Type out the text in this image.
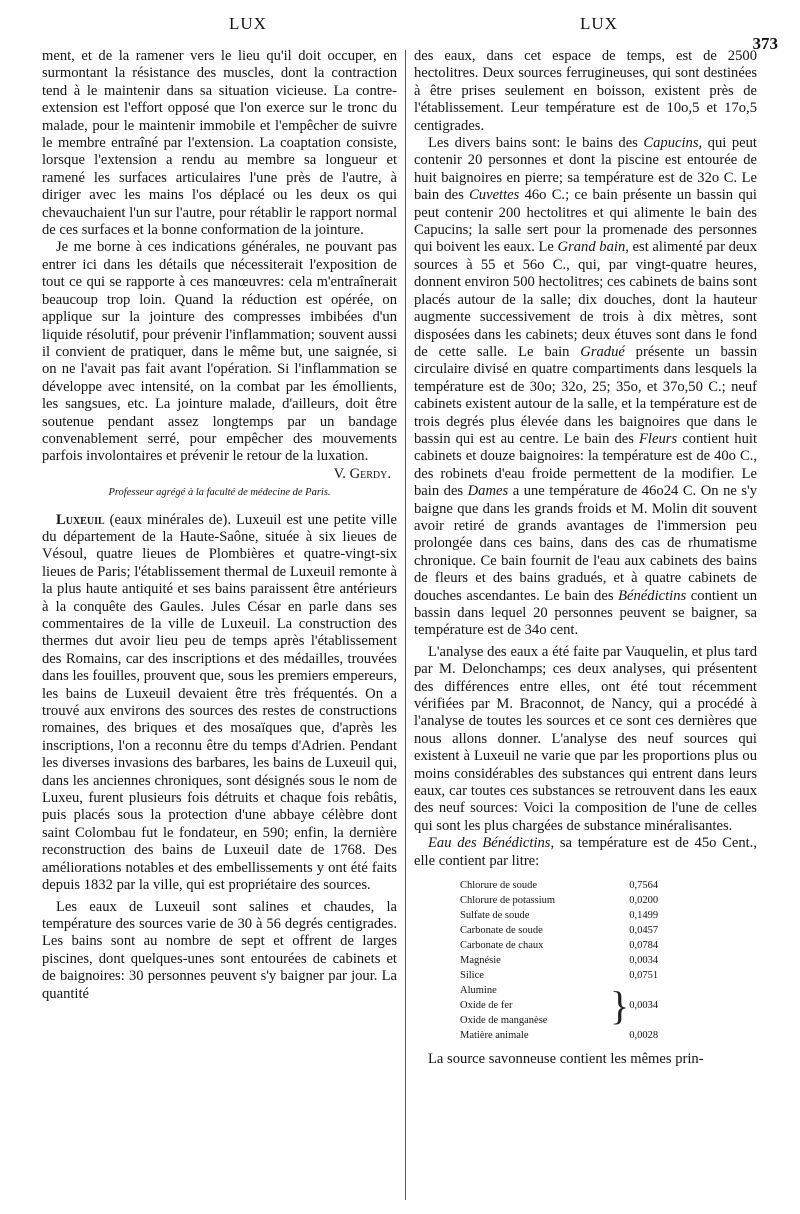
LUX	LUX
373

ment, et de la ramener vers le lieu qu'il doit occuper, en surmontant la résistance des muscles, dont la contraction tend à le maintenir dans sa situation vicieuse. La contre-extension est l'effort opposé que l'on exerce sur le tronc du malade, pour le maintenir immobile et l'empêcher de suivre le membre entraîné par l'extension. La coaptation consiste, lorsque l'extension a rendu au membre sa longueur et ramené les surfaces articulaires l'une près de l'autre, à diriger avec les mains l'os déplacé ou les deux os qui chevauchaient l'un sur l'autre, pour rétablir le rapport normal de ces surfaces et la bonne conformation de la jointure.

Je me borne à ces indications générales, ne pouvant pas entrer ici dans les détails que nécessiterait l'exposition de tout ce qui se rapporte à ces manœuvres: cela m'entraînerait beaucoup trop loin. Quand la réduction est opérée, on applique sur la jointure des compresses imbibées d'un liquide résolutif, pour prévenir l'inflammation; souvent aussi il convient de pratiquer, dans le même but, une saignée, si on ne l'avait pas fait avant l'opération. Si l'inflammation se développe avec intensité, on la combat par les émollients, les sangsues, etc. La jointure malade, d'ailleurs, doit être soutenue pendant assez longtemps par un bandage convenablement serré, pour empêcher des mouvements parfois involontaires et prévenir le retour de la luxation.

V. Gerdy.

Professeur agrégé à la faculté de médecine de Paris.

Luxeuil (eaux minérales de). Luxeuil est une petite ville du département de la Haute-Saône, située à six lieues de Vésoul, quatre lieues de Plombières et quatre-vingt-six lieues de Paris; l'établissement thermal de Luxeuil remonte à la plus haute antiquité et ses bains paraissent être antérieurs à la conquête des Gaules. Jules César en parle dans ses commentaires de la ville de Luxeuil. La construction des thermes dut avoir lieu peu de temps après l'établissement des Romains, car des inscriptions et des médailles, trouvées dans les fouilles, prouvent que, sous les premiers empereurs, les bains de Luxeuil devaient être très fréquentés. On a trouvé aux environs des sources des restes de constructions romaines, des briques et des mosaïques que, d'après les inscriptions, l'on a reconnu être du temps d'Adrien. Pendant les diverses invasions des barbares, les bains de Luxeuil qui, dans les anciennes chroniques, sont désignés sous le nom de Luxeu, furent plusieurs fois détruits et chaque fois rebâtis, puis placés sous la protection d'une abbaye célèbre dont saint Colombau fut le fondateur, en 590; enfin, la dernière reconstruction des bains de Luxeuil date de 1768. Des améliorations notables et des embellissements y ont été faits depuis 1832 par la ville, qui est propriétaire des sources.

Les eaux de Luxeuil sont salines et chaudes, la température des sources varie de 30 à 56 degrés centigrades. Les bains sont au nombre de sept et offrent de larges piscines, dont quelques-unes sont entourées de cabinets et de baignoires: 30 personnes peuvent s'y baigner par jour. La quantité

des eaux, dans cet espace de temps, est de 2500 hectolitres. Deux sources ferrugineuses, qui sont destinées à être prises seulement en boisson, existent près de l'établissement. Leur température est de 10o,5 et 17o,5 centigrades.

Les divers bains sont: le bains des Capucins, qui peut contenir 20 personnes et dont la piscine est entourée de huit baignoires en pierre; sa température est de 32o C. Le bain des Cuvettes 46o C.; ce bain présente un bassin qui peut contenir 200 hectolitres et qui alimente le bain des Capucins; la salle sert pour la promenade des personnes qui boivent les eaux. Le Grand bain, est alimenté par deux sources à 55 et 56o C., qui, par vingt-quatre heures, donnent environ 500 hectolitres; ces cabinets de bains sont placés autour de la salle; dix douches, dont la hauteur augmente successivement de trois à dix mètres, sont disposées dans les cabinets; deux étuves sont dans le fond de cette salle. Le bain Gradué présente un bassin circulaire divisé en quatre compartiments dans lesquels la température est de 30o; 32o, 25; 35o, et 37o,50 C.; neuf cabinets existent autour de la salle, et la température est de trois degrés plus élevée dans les baignoires que dans le bassin qui est au centre. Le bain des Fleurs contient huit cabinets et douze baignoires: la température est de 40o C., des robinets d'eau froide permettent de la modifier. Le bain des Dames a une température de 46o24 C. On ne s'y baigne que dans les grands froids et M. Molin dit souvent avoir retiré de grands avantages de l'immersion peu prolongée dans ces bains, dans des cas de rhumatisme chronique. Ce bain fournit de l'eau aux cabinets des bains de fleurs et des bains gradués, et à quatre cabinets de douches ascendantes. Le bain des Bénédictins contient un bassin dans lequel 20 personnes peuvent se baigner, sa température est de 34o cent.

L'analyse des eaux a été faite par Vauquelin, et plus tard par M. Delonchamps; ces deux analyses, qui présentent des différences entre elles, ont été tout récemment vérifiées par M. Braconnot, de Nancy, qui a procédé à l'analyse de toutes les sources et ce sont ces dernières que nous allons donner. L'analyse des neuf sources qui existent à Luxeuil ne varie que par les proportions plus ou moins considérables des substances qui entrent dans leurs eaux, car toutes ces substances se retrouvent dans les eaux des neuf sources: Voici la composition de l'une de celles qui sont les plus chargées de substance minéralisantes.

Eau des Bénédictins, sa température est de 45o Cent., elle contient par litre:

Chlorure de soude		0,7564
Chlorure de potassium		0,0200
Sulfate de soude		0,1499
Carbonate de soude		0,0457
Carbonate de chaux		0,0784
Magnésie		0,0034
Silice		0,0751
Alumine	}	0,0034
Oxide de fer		
Oxide de manganèse		
Matière animale		0,0028

La source savonneuse contient les mêmes prin-
